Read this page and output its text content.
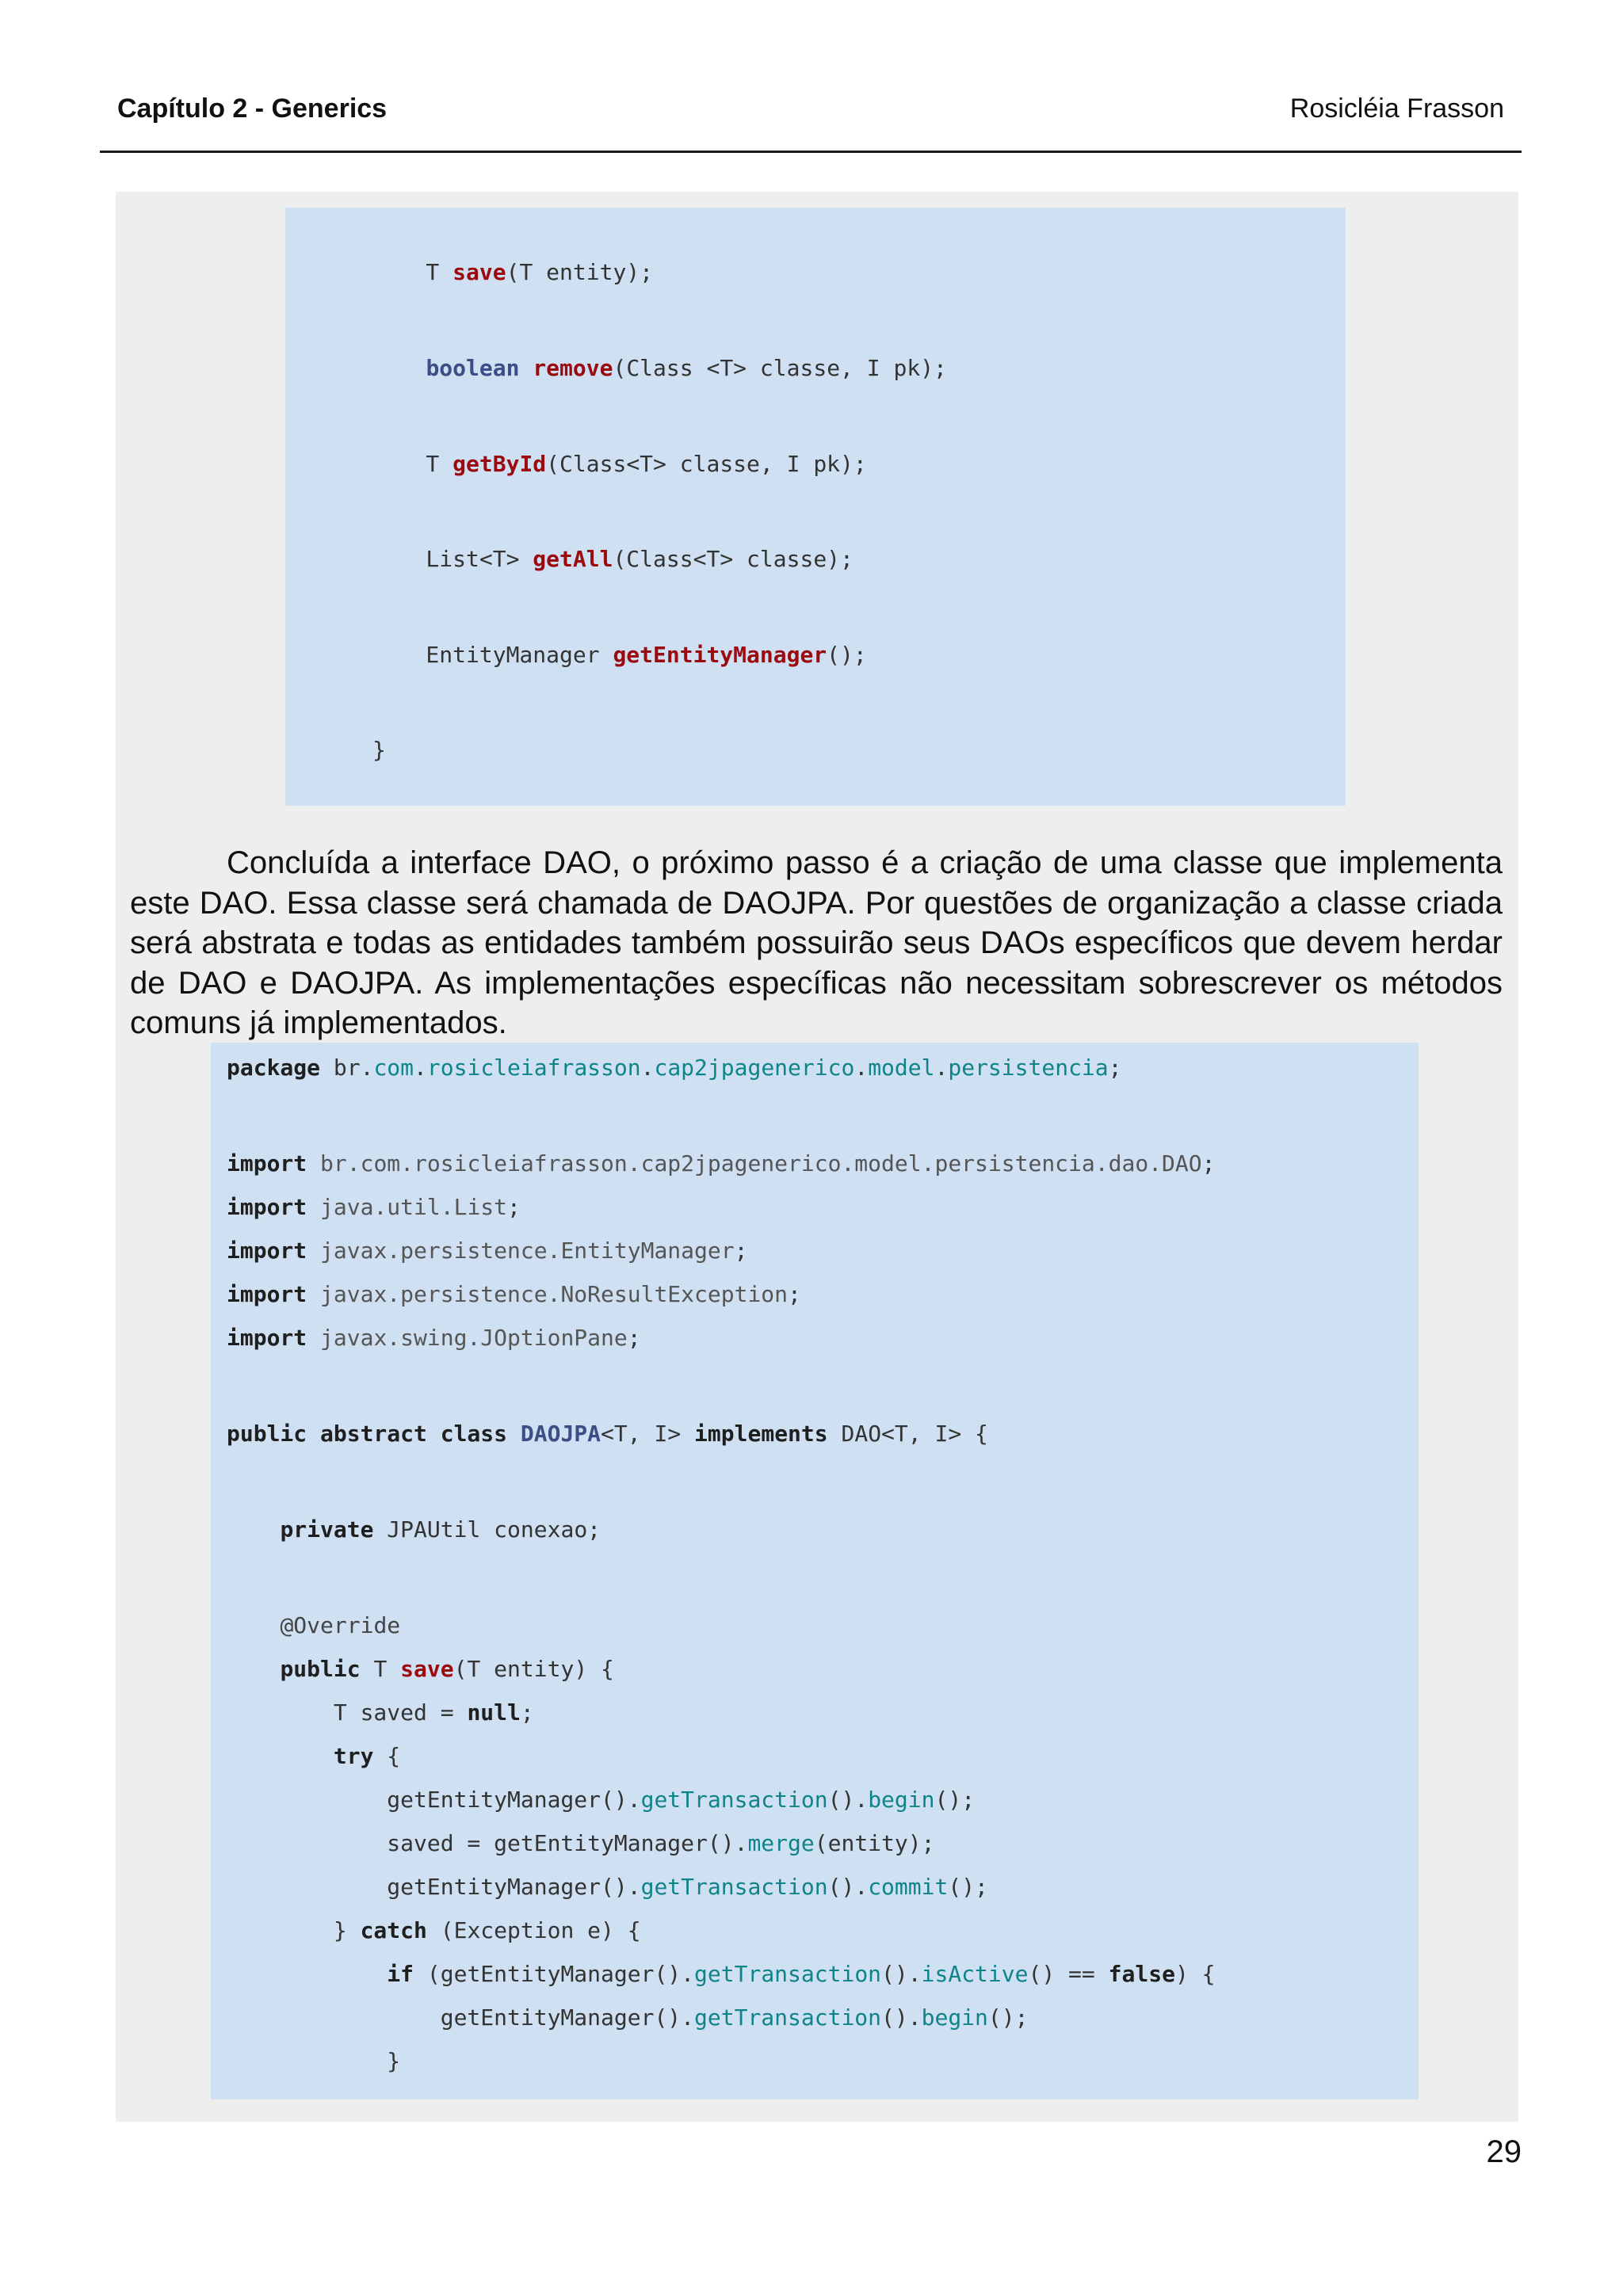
Capítulo 2 - Generics	Rosicléia Frasson
T save(T entity);
boolean remove(Class <T> classe, I pk);
T getById(Class<T> classe, I pk);
List<T> getAll(Class<T> classe);
EntityManager getEntityManager();
}
package br.com.rosicleiafrasson.cap2jpagenerico.model.persistencia;
import br.com.rosicleiafrasson.cap2jpagenerico.model.persistencia.dao.DAO;
import java.util.List;
import javax.persistence.EntityManager;
import javax.persistence.NoResultException;
import javax.swing.JOptionPane;
public abstract class DAOJPA<T, I> implements DAO<T, I> {
private JPAUtil conexao;
@Override
public T save(T entity) {
T saved = null;
try {
getEntityManager().getTransaction().begin();
saved = getEntityManager().merge(entity);
getEntityManager().getTransaction().commit();
} catch (Exception e) {
if (getEntityManager().getTransaction().isActive() == false) {
getEntityManager().getTransaction().begin();
}
Concluída a interface DAO, o próximo passo é a criação de uma classe que implementa este DAO. Essa classe será chamada de DAOJPA. Por questões de organização a classe criada será abstrata e todas as entidades também possuirão seus DAOs específicos que devem herdar de DAO e DAOJPA. As implementações específicas não necessitam sobrescrever os métodos comuns já implementados.
29
